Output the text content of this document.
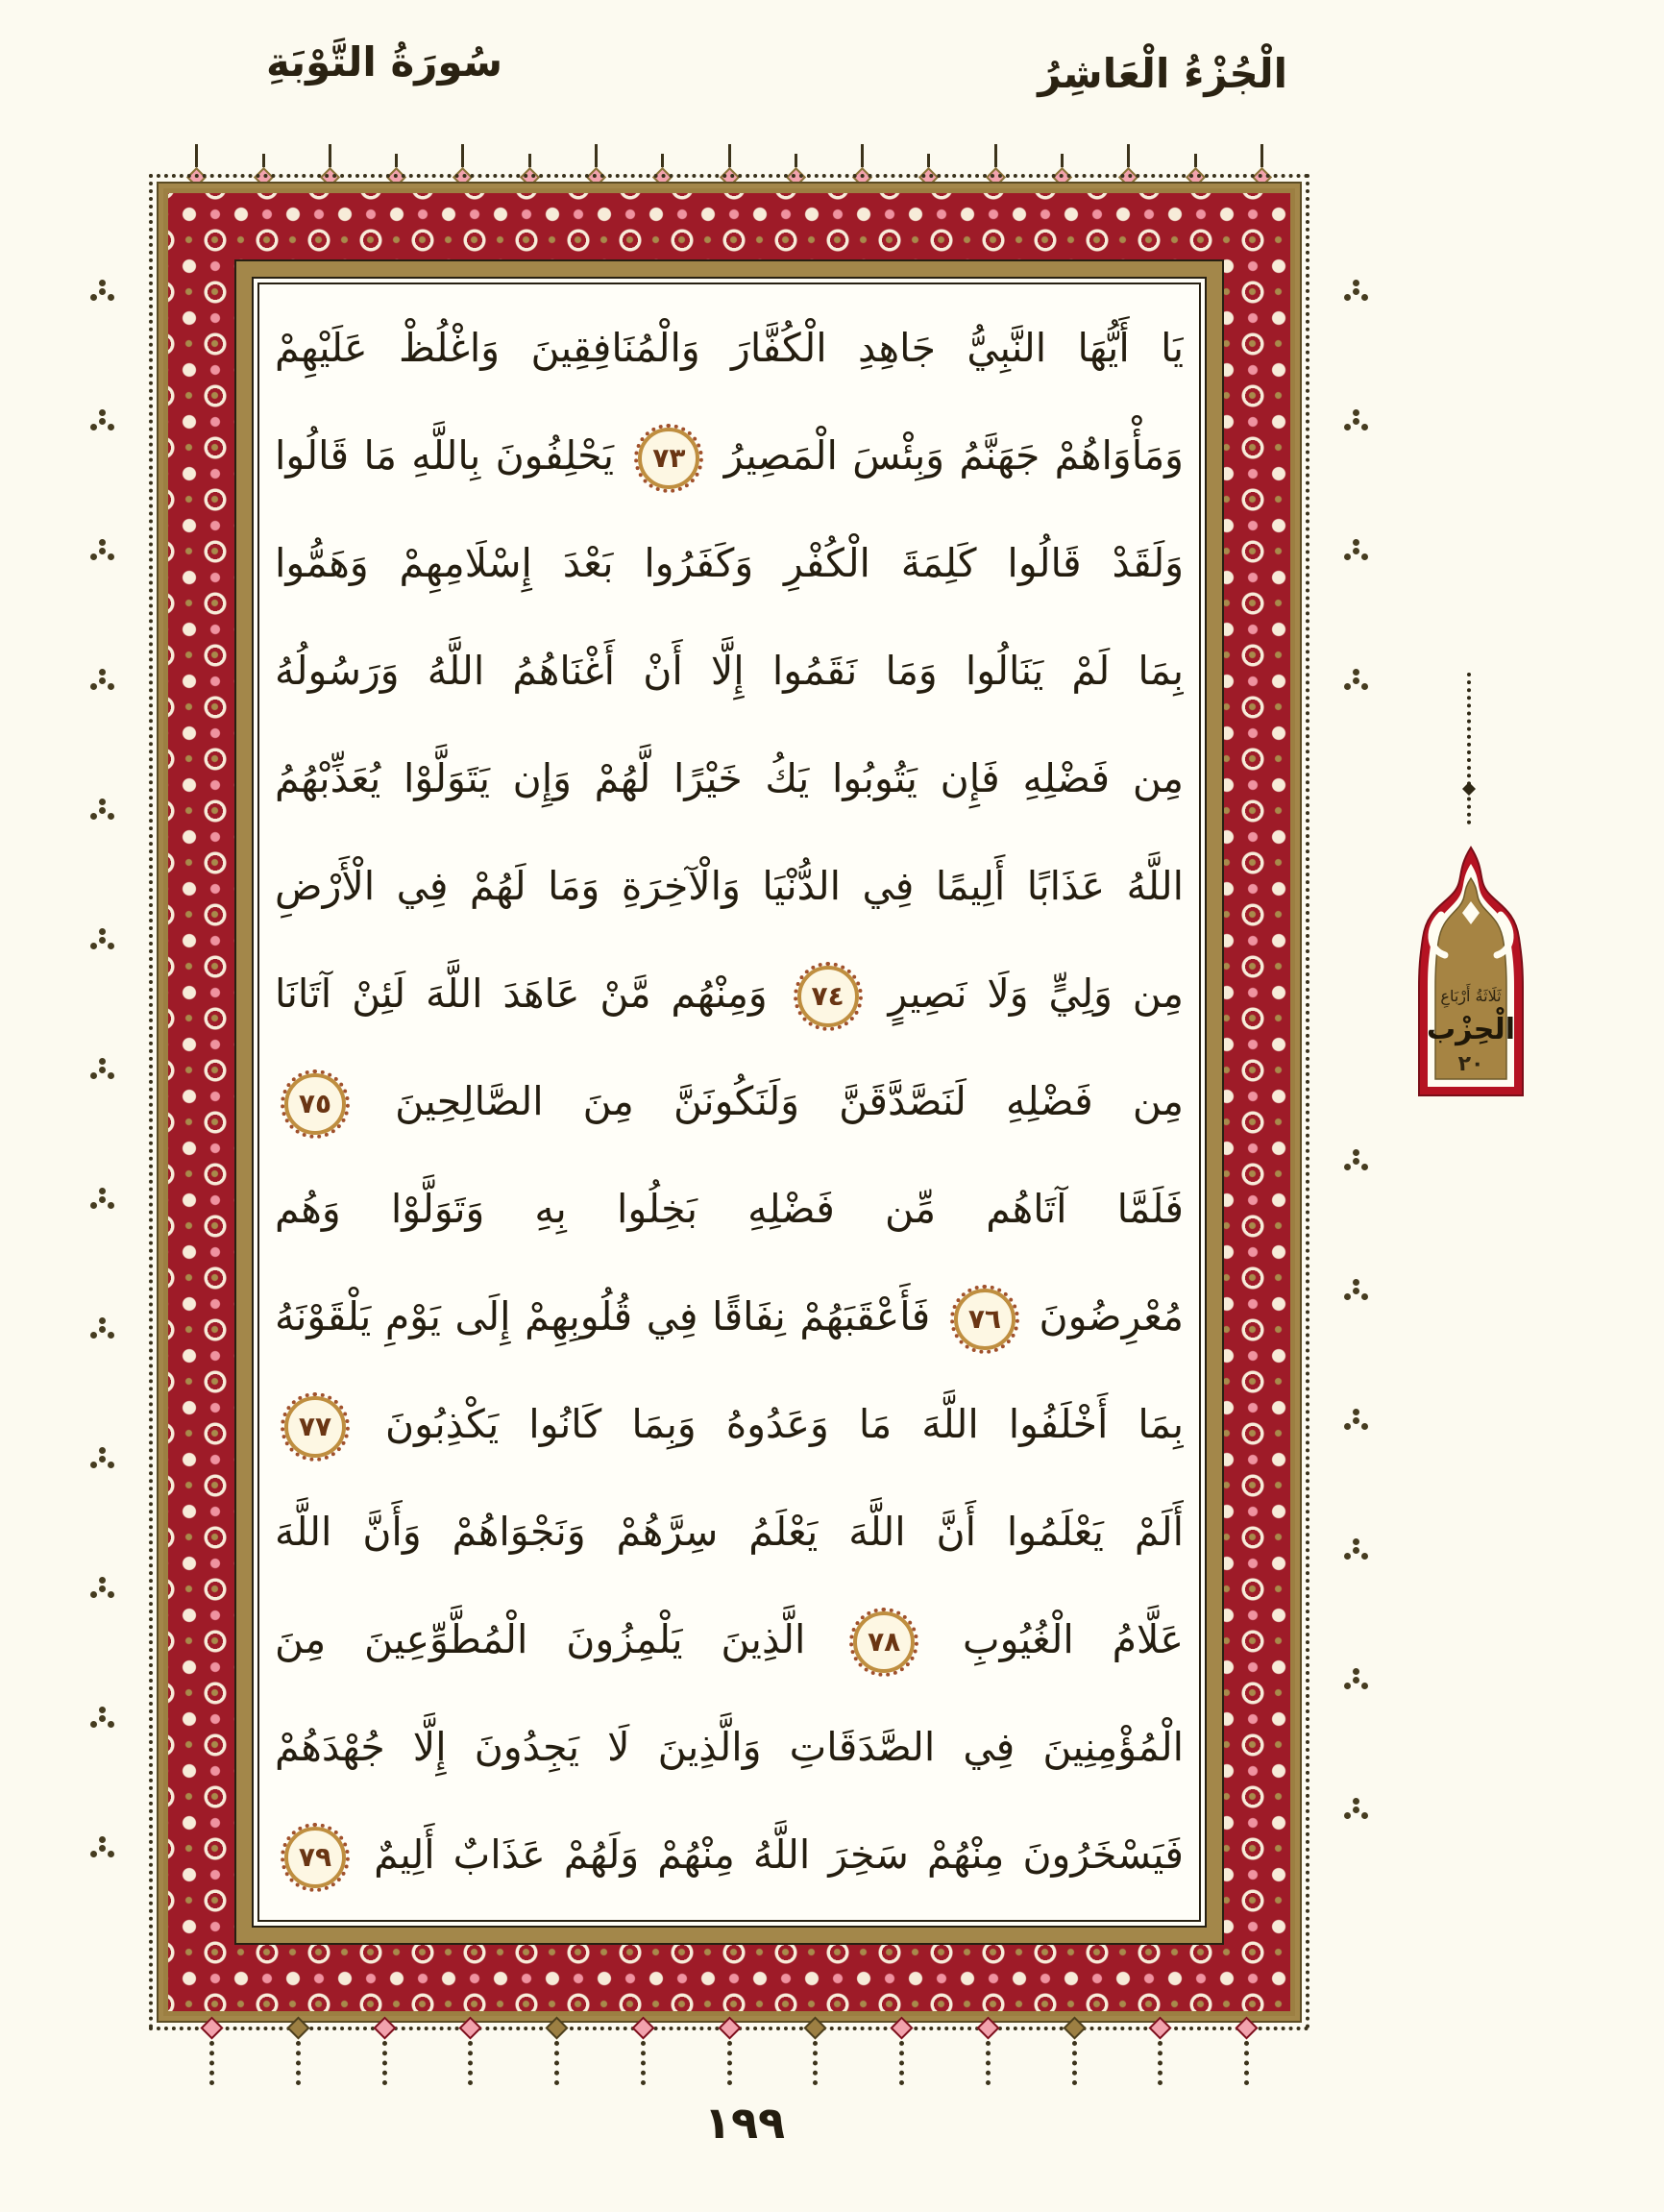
سُورَةُ التَّوْبَةِ	الْجُزْءُ الْعَاشِرُ
يَا أَيُّهَا النَّبِيُّ جَاهِدِ الْكُفَّارَ وَالْمُنَافِقِينَ وَاغْلُظْ عَلَيْهِمْ
وَمَأْوَاهُمْ جَهَنَّمُ وَبِئْسَ الْمَصِيرُ ٧٣ يَحْلِفُونَ بِاللَّهِ مَا قَالُوا
وَلَقَدْ قَالُوا كَلِمَةَ الْكُفْرِ وَكَفَرُوا بَعْدَ إِسْلَامِهِمْ وَهَمُّوا
بِمَا لَمْ يَنَالُوا وَمَا نَقَمُوا إِلَّا أَنْ أَغْنَاهُمُ اللَّهُ وَرَسُولُهُ
مِن فَضْلِهِ فَإِن يَتُوبُوا يَكُ خَيْرًا لَّهُمْ وَإِن يَتَوَلَّوْا يُعَذِّبْهُمُ
اللَّهُ عَذَابًا أَلِيمًا فِي الدُّنْيَا وَالْآخِرَةِ وَمَا لَهُمْ فِي الْأَرْضِ
مِن وَلِيٍّ وَلَا نَصِيرٍ ٧٤ وَمِنْهُم مَّنْ عَاهَدَ اللَّهَ لَئِنْ آتَانَا
مِن فَضْلِهِ لَنَصَّدَّقَنَّ وَلَنَكُونَنَّ مِنَ الصَّالِحِينَ ٧٥
فَلَمَّا آتَاهُم مِّن فَضْلِهِ بَخِلُوا بِهِ وَتَوَلَّوْا وَهُم
مُعْرِضُونَ ٧٦ فَأَعْقَبَهُمْ نِفَاقًا فِي قُلُوبِهِمْ إِلَى يَوْمِ يَلْقَوْنَهُ
بِمَا أَخْلَفُوا اللَّهَ مَا وَعَدُوهُ وَبِمَا كَانُوا يَكْذِبُونَ ٧٧
أَلَمْ يَعْلَمُوا أَنَّ اللَّهَ يَعْلَمُ سِرَّهُمْ وَنَجْوَاهُمْ وَأَنَّ اللَّهَ
عَلَّامُ الْغُيُوبِ ٧٨ الَّذِينَ يَلْمِزُونَ الْمُطَّوِّعِينَ مِنَ
الْمُؤْمِنِينَ فِي الصَّدَقَاتِ وَالَّذِينَ لَا يَجِدُونَ إِلَّا جُهْدَهُمْ
فَيَسْخَرُونَ مِنْهُمْ سَخِرَ اللَّهُ مِنْهُمْ وَلَهُمْ عَذَابٌ أَلِيمٌ ٧٩
ثَلَاثَةُ أَرْبَاعِ
الْحِزْب
٢٠
١٩٩
